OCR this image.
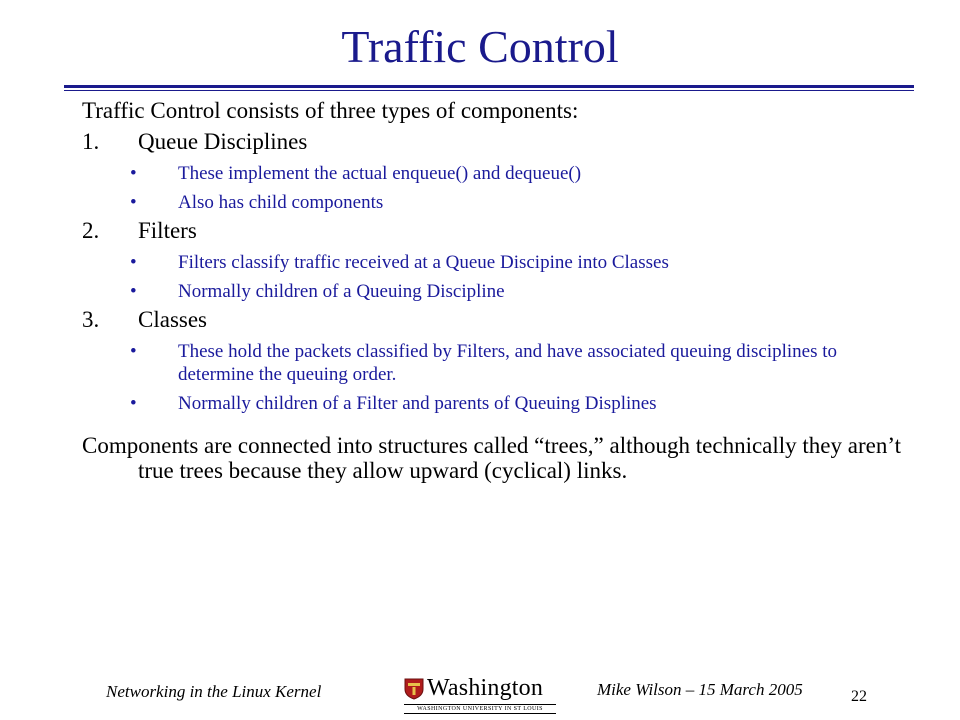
Traffic Control
Traffic Control consists of three types of components:
1. Queue Disciplines
• These implement the actual enqueue() and dequeue()
• Also has child components
2. Filters
• Filters classify traffic received at a Queue Discipine into Classes
• Normally children of a Queuing Discipline
3. Classes
• These hold the packets classified by Filters, and have associated queuing disciplines to determine the queuing order.
• Normally children of a Filter and parents of Queuing Displines
Components are connected into structures called “trees,” although technically they aren’t true trees because they allow upward (cyclical) links.
Networking in the Linux Kernel	Washington
WASHINGTON UNIVERSITY IN ST LOUIS
Mike Wilson – 15 March 2005	22
